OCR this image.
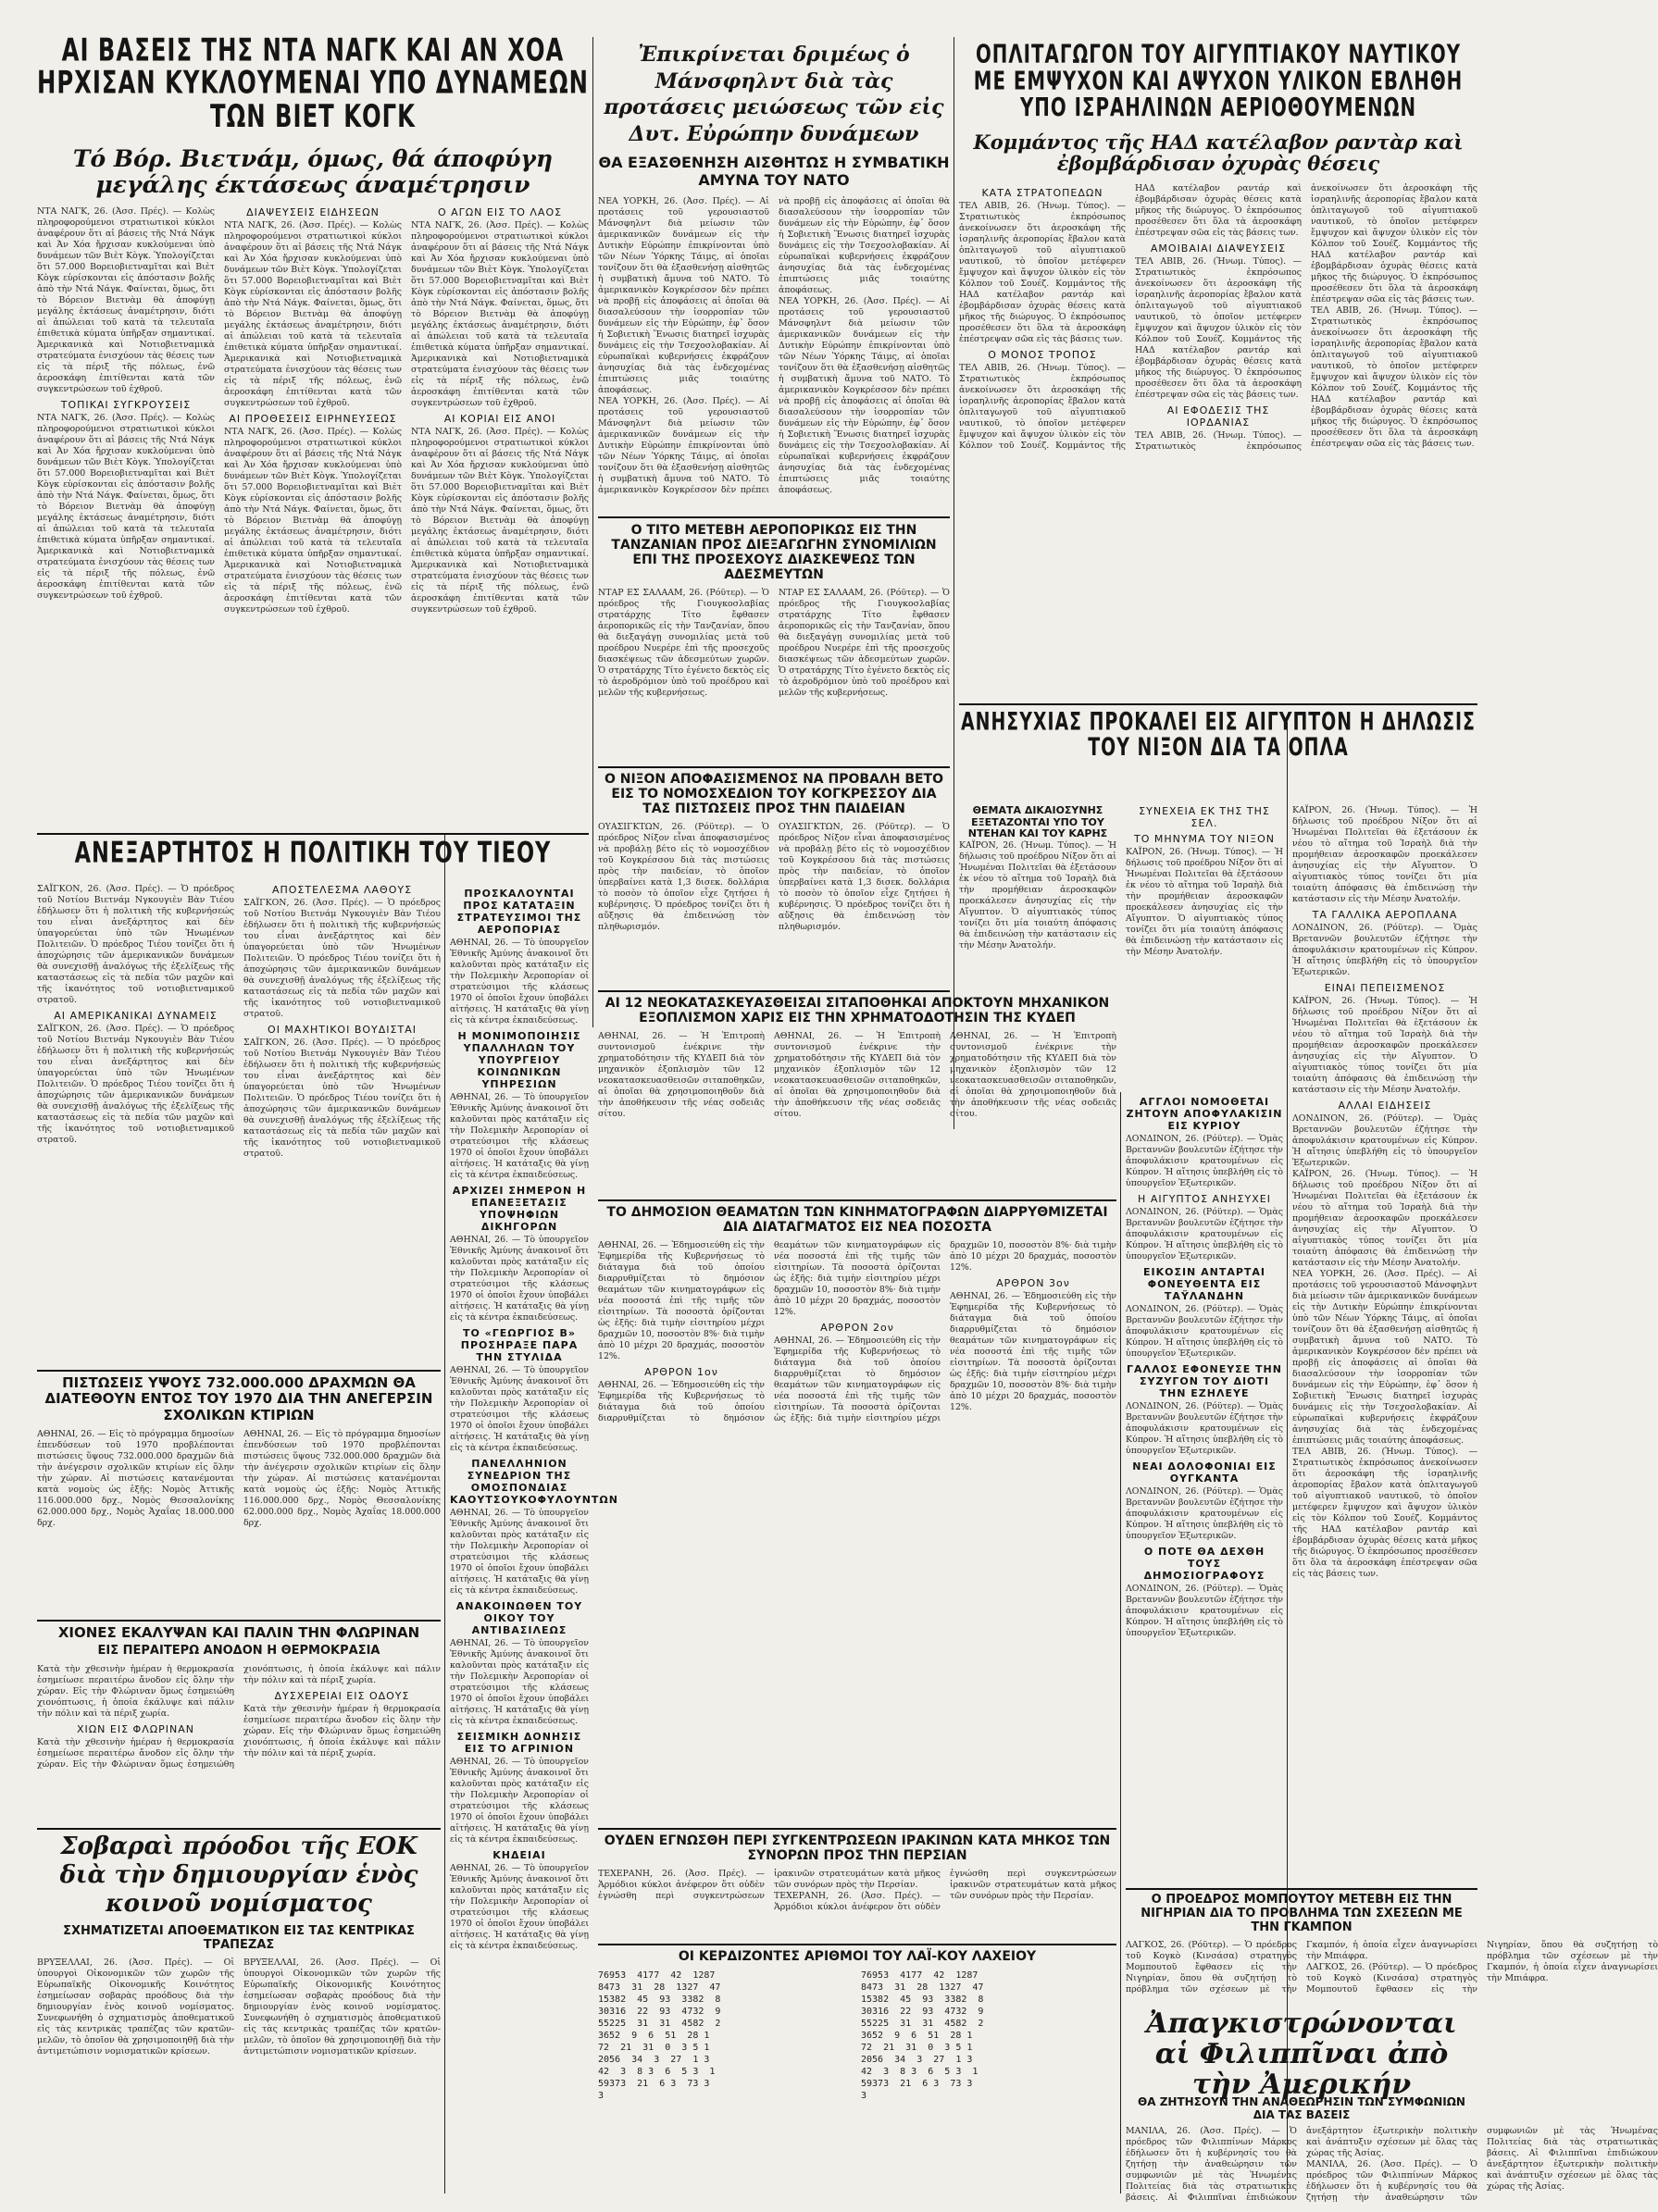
ΑΙ ΒΑΣΕΙΣ ΤΗΣ ΝΤΑ ΝΑΓΚ ΚΑΙ ΑΝ ΧΟΑ ΗΡΧΙΣΑΝ ΚΥΚΛΟΥΜΕΝΑΙ ΥΠΟ ΔΥΝΑΜΕΩΝ ΤΩΝ ΒΙΕΤ ΚΟΓΚ
Τό Βόρ. Βιετνάμ, όμως, θά άπoφύγη μεγάλης έκτάσεως άναμέτρησιν
ΝΤΑ ΝΑΓΚ, 26. (Ἀσσ. Πρές). — Κολὼς πληροφορούμενοι στρατιωτικοὶ κύκλοι ἀναφέρουν ὅτι αἱ βάσεις τῆς Ντά Νάγκ καὶ Ἀν Χόα ἤρχισαν κυκλούμεναι ὑπὸ δυνάμεων τῶν Βιὲτ Κὸγκ. Ὑπολογίζεται ὅτι 57.000 Βορειοβιετναμῖται καὶ Βιὲτ Κὸγκ εὑρίσκονται εἰς ἀπόστασιν βολῆς ἀπὸ τὴν Ντά Νάγκ. Φαίνεται, ὅμως, ὅτι τὸ Βόρειον Βιετνὰμ θὰ ἀποφύγῃ μεγάλης ἐκτάσεως ἀναμέτρησιν, διότι αἱ ἀπώλειαι τοῦ κατὰ τὰ τελευταῖα ἐπιθετικὰ κύματα ὑπῆρξαν σημαντικαί. Ἀμερικανικὰ καὶ Νοτιοβιετναμικὰ στρατεύματα ἐνισχύουν τὰς θέσεις των εἰς τὰ πέριξ τῆς πόλεως, ἐνῶ ἀεροσκάφη ἐπιτίθενται κατὰ τῶν συγκεντρώσεων τοῦ ἐχθροῦ.
ΤΟΠΙΚΑΙ ΣΥΓΚΡΟΥΣΕΙΣ
ΝΤΑ ΝΑΓΚ, 26. (Ἀσσ. Πρές). — Κολὼς πληροφορούμενοι στρατιωτικοὶ κύκλοι ἀναφέρουν ὅτι αἱ βάσεις τῆς Ντά Νάγκ καὶ Ἀν Χόα ἤρχισαν κυκλούμεναι ὑπὸ δυνάμεων τῶν Βιὲτ Κὸγκ. Ὑπολογίζεται ὅτι 57.000 Βορειοβιετναμῖται καὶ Βιὲτ Κὸγκ εὑρίσκονται εἰς ἀπόστασιν βολῆς ἀπὸ τὴν Ντά Νάγκ. Φαίνεται, ὅμως, ὅτι τὸ Βόρειον Βιετνὰμ θὰ ἀποφύγῃ μεγάλης ἐκτάσεως ἀναμέτρησιν, διότι αἱ ἀπώλειαι τοῦ κατὰ τὰ τελευταῖα ἐπιθετικὰ κύματα ὑπῆρξαν σημαντικαί. Ἀμερικανικὰ καὶ Νοτιοβιετναμικὰ στρατεύματα ἐνισχύουν τὰς θέσεις των εἰς τὰ πέριξ τῆς πόλεως, ἐνῶ ἀεροσκάφη ἐπιτίθενται κατὰ τῶν συγκεντρώσεων τοῦ ἐχθροῦ.
ΔΙΑΨΕΥΣΕΙΣ ΕΙΔΗΣΕΩΝ
ΝΤΑ ΝΑΓΚ, 26. (Ἀσσ. Πρές). — Κολὼς πληροφορούμενοι στρατιωτικοὶ κύκλοι ἀναφέρουν ὅτι αἱ βάσεις τῆς Ντά Νάγκ καὶ Ἀν Χόα ἤρχισαν κυκλούμεναι ὑπὸ δυνάμεων τῶν Βιὲτ Κὸγκ. Ὑπολογίζεται ὅτι 57.000 Βορειοβιετναμῖται καὶ Βιὲτ Κὸγκ εὑρίσκονται εἰς ἀπόστασιν βολῆς ἀπὸ τὴν Ντά Νάγκ. Φαίνεται, ὅμως, ὅτι τὸ Βόρειον Βιετνὰμ θὰ ἀποφύγῃ μεγάλης ἐκτάσεως ἀναμέτρησιν, διότι αἱ ἀπώλειαι τοῦ κατὰ τὰ τελευταῖα ἐπιθετικὰ κύματα ὑπῆρξαν σημαντικαί. Ἀμερικανικὰ καὶ Νοτιοβιετναμικὰ στρατεύματα ἐνισχύουν τὰς θέσεις των εἰς τὰ πέριξ τῆς πόλεως, ἐνῶ ἀεροσκάφη ἐπιτίθενται κατὰ τῶν συγκεντρώσεων τοῦ ἐχθροῦ.
ΑΙ ΠΡΟΘΕΣΕΙΣ ΕΙΡΗΝΕΥΣΕΩΣ
ΝΤΑ ΝΑΓΚ, 26. (Ἀσσ. Πρές). — Κολὼς πληροφορούμενοι στρατιωτικοὶ κύκλοι ἀναφέρουν ὅτι αἱ βάσεις τῆς Ντά Νάγκ καὶ Ἀν Χόα ἤρχισαν κυκλούμεναι ὑπὸ δυνάμεων τῶν Βιὲτ Κὸγκ. Ὑπολογίζεται ὅτι 57.000 Βορειοβιετναμῖται καὶ Βιὲτ Κὸγκ εὑρίσκονται εἰς ἀπόστασιν βολῆς ἀπὸ τὴν Ντά Νάγκ. Φαίνεται, ὅμως, ὅτι τὸ Βόρειον Βιετνὰμ θὰ ἀποφύγῃ μεγάλης ἐκτάσεως ἀναμέτρησιν, διότι αἱ ἀπώλειαι τοῦ κατὰ τὰ τελευταῖα ἐπιθετικὰ κύματα ὑπῆρξαν σημαντικαί. Ἀμερικανικὰ καὶ Νοτιοβιετναμικὰ στρατεύματα ἐνισχύουν τὰς θέσεις των εἰς τὰ πέριξ τῆς πόλεως, ἐνῶ ἀεροσκάφη ἐπιτίθενται κατὰ τῶν συγκεντρώσεων τοῦ ἐχθροῦ.
Ο ΑΓΩΝ ΕΙΣ ΤΟ ΛΑΟΣ
ΝΤΑ ΝΑΓΚ, 26. (Ἀσσ. Πρές). — Κολὼς πληροφορούμενοι στρατιωτικοὶ κύκλοι ἀναφέρουν ὅτι αἱ βάσεις τῆς Ντά Νάγκ καὶ Ἀν Χόα ἤρχισαν κυκλούμεναι ὑπὸ δυνάμεων τῶν Βιὲτ Κὸγκ. Ὑπολογίζεται ὅτι 57.000 Βορειοβιετναμῖται καὶ Βιὲτ Κὸγκ εὑρίσκονται εἰς ἀπόστασιν βολῆς ἀπὸ τὴν Ντά Νάγκ. Φαίνεται, ὅμως, ὅτι τὸ Βόρειον Βιετνὰμ θὰ ἀποφύγῃ μεγάλης ἐκτάσεως ἀναμέτρησιν, διότι αἱ ἀπώλειαι τοῦ κατὰ τὰ τελευταῖα ἐπιθετικὰ κύματα ὑπῆρξαν σημαντικαί. Ἀμερικανικὰ καὶ Νοτιοβιετναμικὰ στρατεύματα ἐνισχύουν τὰς θέσεις των εἰς τὰ πέριξ τῆς πόλεως, ἐνῶ ἀεροσκάφη ἐπιτίθενται κατὰ τῶν συγκεντρώσεων τοῦ ἐχθροῦ.
ΑΙ ΚΟΡΙΑΙ ΕΙΣ ΑΝΟΙ
ΝΤΑ ΝΑΓΚ, 26. (Ἀσσ. Πρές). — Κολὼς πληροφορούμενοι στρατιωτικοὶ κύκλοι ἀναφέρουν ὅτι αἱ βάσεις τῆς Ντά Νάγκ καὶ Ἀν Χόα ἤρχισαν κυκλούμεναι ὑπὸ δυνάμεων τῶν Βιὲτ Κὸγκ. Ὑπολογίζεται ὅτι 57.000 Βορειοβιετναμῖται καὶ Βιὲτ Κὸγκ εὑρίσκονται εἰς ἀπόστασιν βολῆς ἀπὸ τὴν Ντά Νάγκ. Φαίνεται, ὅμως, ὅτι τὸ Βόρειον Βιετνὰμ θὰ ἀποφύγῃ μεγάλης ἐκτάσεως ἀναμέτρησιν, διότι αἱ ἀπώλειαι τοῦ κατὰ τὰ τελευταῖα ἐπιθετικὰ κύματα ὑπῆρξαν σημαντικαί. Ἀμερικανικὰ καὶ Νοτιοβιετναμικὰ στρατεύματα ἐνισχύουν τὰς θέσεις των εἰς τὰ πέριξ τῆς πόλεως, ἐνῶ ἀεροσκάφη ἐπιτίθενται κατὰ τῶν συγκεντρώσεων τοῦ ἐχθροῦ.
Ἐπικρίνεται δριμέως ὁ Μάνσφηλντ διὰ τὰς προτάσεις μειώσεως τῶν εἰς Δυτ. Εὐρώπην δυνάμεων
ΘΑ ΕΞΑΣΘΕΝΗΣΗ ΑΙΣΘΗΤΩΣ Η ΣΥΜΒΑΤΙΚΗ ΑΜΥΝΑ ΤΟΥ ΝΑΤΟ
ΝΕΑ ΥΟΡΚΗ, 26. (Ἀσσ. Πρές). — Αἱ προτάσεις τοῦ γερουσιαστοῦ Μάνσφηλντ διὰ μείωσιν τῶν ἀμερικανικῶν δυνάμεων εἰς τὴν Δυτικὴν Εὐρώπην ἐπικρίνονται ὑπὸ τῶν Νέων Ὑόρκης Τάιμς, αἱ ὁποῖαι τονίζουν ὅτι θὰ ἐξασθενήσῃ αἰσθητῶς ἡ συμβατικὴ ἄμυνα τοῦ ΝΑΤΟ. Τὸ ἀμερικανικὸν Κογκρέσσον δὲν πρέπει νὰ προβῇ εἰς ἀποφάσεις αἱ ὁποῖαι θὰ διασαλεύσουν τὴν ἰσορροπίαν τῶν δυνάμεων εἰς τὴν Εὐρώπην, ἐφ᾽ ὅσον ἡ Σοβιετικὴ Ἕνωσις διατηρεῖ ἰσχυρὰς δυνάμεις εἰς τὴν Τσεχοσλοβακίαν. Αἱ εὐρωπαϊκαὶ κυβερνήσεις ἐκφράζουν ἀνησυχίας διὰ τὰς ἐνδεχομένας ἐπιπτώσεις μιᾶς τοιαύτης ἀποφάσεως.
ΝΕΑ ΥΟΡΚΗ, 26. (Ἀσσ. Πρές). — Αἱ προτάσεις τοῦ γερουσιαστοῦ Μάνσφηλντ διὰ μείωσιν τῶν ἀμερικανικῶν δυνάμεων εἰς τὴν Δυτικὴν Εὐρώπην ἐπικρίνονται ὑπὸ τῶν Νέων Ὑόρκης Τάιμς, αἱ ὁποῖαι τονίζουν ὅτι θὰ ἐξασθενήσῃ αἰσθητῶς ἡ συμβατικὴ ἄμυνα τοῦ ΝΑΤΟ. Τὸ ἀμερικανικὸν Κογκρέσσον δὲν πρέπει νὰ προβῇ εἰς ἀποφάσεις αἱ ὁποῖαι θὰ διασαλεύσουν τὴν ἰσορροπίαν τῶν δυνάμεων εἰς τὴν Εὐρώπην, ἐφ᾽ ὅσον ἡ Σοβιετικὴ Ἕνωσις διατηρεῖ ἰσχυρὰς δυνάμεις εἰς τὴν Τσεχοσλοβακίαν. Αἱ εὐρωπαϊκαὶ κυβερνήσεις ἐκφράζουν ἀνησυχίας διὰ τὰς ἐνδεχομένας ἐπιπτώσεις μιᾶς τοιαύτης ἀποφάσεως.
ΝΕΑ ΥΟΡΚΗ, 26. (Ἀσσ. Πρές). — Αἱ προτάσεις τοῦ γερουσιαστοῦ Μάνσφηλντ διὰ μείωσιν τῶν ἀμερικανικῶν δυνάμεων εἰς τὴν Δυτικὴν Εὐρώπην ἐπικρίνονται ὑπὸ τῶν Νέων Ὑόρκης Τάιμς, αἱ ὁποῖαι τονίζουν ὅτι θὰ ἐξασθενήσῃ αἰσθητῶς ἡ συμβατικὴ ἄμυνα τοῦ ΝΑΤΟ. Τὸ ἀμερικανικὸν Κογκρέσσον δὲν πρέπει νὰ προβῇ εἰς ἀποφάσεις αἱ ὁποῖαι θὰ διασαλεύσουν τὴν ἰσορροπίαν τῶν δυνάμεων εἰς τὴν Εὐρώπην, ἐφ᾽ ὅσον ἡ Σοβιετικὴ Ἕνωσις διατηρεῖ ἰσχυρὰς δυνάμεις εἰς τὴν Τσεχοσλοβακίαν. Αἱ εὐρωπαϊκαὶ κυβερνήσεις ἐκφράζουν ἀνησυχίας διὰ τὰς ἐνδεχομένας ἐπιπτώσεις μιᾶς τοιαύτης ἀποφάσεως.
ΟΠΛΙΤΑΓΩΓΟΝ ΤΟΥ ΑΙΓΥΠΤΙΑΚΟΥ ΝΑΥΤΙΚΟΥ ΜΕ ΕΜΨΥΧΟΝ ΚΑΙ ΑΨΥΧΟΝ ΥΛΙΚΟΝ ΕΒΛΗΘΗ ΥΠΟ ΙΣΡΑΗΛΙΝΩΝ ΑΕΡΙΟΘΟΥΜΕΝΩΝ
Κομμάντος τῆς ΗΑΔ κατέλαβον ραντὰρ καὶ ἐβομβάρδισαν ὀχυρὰς θέσεις
ΚΑΤΑ ΣΤΡΑΤΟΠΕΔΩΝ
ΤΕΛ ΑΒΙΒ, 26. (Ἡνωμ. Τύπος). — Στρατιωτικὸς ἐκπρόσωπος ἀνεκοίνωσεν ὅτι ἀεροσκάφη τῆς ἰσραηλινῆς ἀεροπορίας ἔβαλον κατὰ ὁπλιταγωγοῦ τοῦ αἰγυπτιακοῦ ναυτικοῦ, τὸ ὁποῖον μετέφερεν ἔμψυχον καὶ ἄψυχον ὑλικὸν εἰς τὸν Κόλπον τοῦ Σουέζ. Κομμάντος τῆς ΗΑΔ κατέλαβον ραντάρ καὶ ἐβομβάρδισαν ὀχυρὰς θέσεις κατὰ μῆκος τῆς διώρυγος. Ὁ ἐκπρόσωπος προσέθεσεν ὅτι ὅλα τὰ ἀεροσκάφη ἐπέστρεψαν σῶα εἰς τὰς βάσεις των.
Ο ΜΟΝΟΣ ΤΡΟΠΟΣ
ΤΕΛ ΑΒΙΒ, 26. (Ἡνωμ. Τύπος). — Στρατιωτικὸς ἐκπρόσωπος ἀνεκοίνωσεν ὅτι ἀεροσκάφη τῆς ἰσραηλινῆς ἀεροπορίας ἔβαλον κατὰ ὁπλιταγωγοῦ τοῦ αἰγυπτιακοῦ ναυτικοῦ, τὸ ὁποῖον μετέφερεν ἔμψυχον καὶ ἄψυχον ὑλικὸν εἰς τὸν Κόλπον τοῦ Σουέζ. Κομμάντος τῆς ΗΑΔ κατέλαβον ραντάρ καὶ ἐβομβάρδισαν ὀχυρὰς θέσεις κατὰ μῆκος τῆς διώρυγος. Ὁ ἐκπρόσωπος προσέθεσεν ὅτι ὅλα τὰ ἀεροσκάφη ἐπέστρεψαν σῶα εἰς τὰς βάσεις των.
ΑΜΟΙΒΑΙΑΙ ΔΙΑΨΕΥΣΕΙΣ
ΤΕΛ ΑΒΙΒ, 26. (Ἡνωμ. Τύπος). — Στρατιωτικὸς ἐκπρόσωπος ἀνεκοίνωσεν ὅτι ἀεροσκάφη τῆς ἰσραηλινῆς ἀεροπορίας ἔβαλον κατὰ ὁπλιταγωγοῦ τοῦ αἰγυπτιακοῦ ναυτικοῦ, τὸ ὁποῖον μετέφερεν ἔμψυχον καὶ ἄψυχον ὑλικὸν εἰς τὸν Κόλπον τοῦ Σουέζ. Κομμάντος τῆς ΗΑΔ κατέλαβον ραντάρ καὶ ἐβομβάρδισαν ὀχυρὰς θέσεις κατὰ μῆκος τῆς διώρυγος. Ὁ ἐκπρόσωπος προσέθεσεν ὅτι ὅλα τὰ ἀεροσκάφη ἐπέστρεψαν σῶα εἰς τὰς βάσεις των.
ΑΙ ΕΦΟΔΕΣΙΣ ΤΗΣ ΙΟΡΔΑΝΙΑΣ
ΤΕΛ ΑΒΙΒ, 26. (Ἡνωμ. Τύπος). — Στρατιωτικὸς ἐκπρόσωπος ἀνεκοίνωσεν ὅτι ἀεροσκάφη τῆς ἰσραηλινῆς ἀεροπορίας ἔβαλον κατὰ ὁπλιταγωγοῦ τοῦ αἰγυπτιακοῦ ναυτικοῦ, τὸ ὁποῖον μετέφερεν ἔμψυχον καὶ ἄψυχον ὑλικὸν εἰς τὸν Κόλπον τοῦ Σουέζ. Κομμάντος τῆς ΗΑΔ κατέλαβον ραντάρ καὶ ἐβομβάρδισαν ὀχυρὰς θέσεις κατὰ μῆκος τῆς διώρυγος. Ὁ ἐκπρόσωπος προσέθεσεν ὅτι ὅλα τὰ ἀεροσκάφη ἐπέστρεψαν σῶα εἰς τὰς βάσεις των.
ΤΕΛ ΑΒΙΒ, 26. (Ἡνωμ. Τύπος). — Στρατιωτικὸς ἐκπρόσωπος ἀνεκοίνωσεν ὅτι ἀεροσκάφη τῆς ἰσραηλινῆς ἀεροπορίας ἔβαλον κατὰ ὁπλιταγωγοῦ τοῦ αἰγυπτιακοῦ ναυτικοῦ, τὸ ὁποῖον μετέφερεν ἔμψυχον καὶ ἄψυχον ὑλικὸν εἰς τὸν Κόλπον τοῦ Σουέζ. Κομμάντος τῆς ΗΑΔ κατέλαβον ραντάρ καὶ ἐβομβάρδισαν ὀχυρὰς θέσεις κατὰ μῆκος τῆς διώρυγος. Ὁ ἐκπρόσωπος προσέθεσεν ὅτι ὅλα τὰ ἀεροσκάφη ἐπέστρεψαν σῶα εἰς τὰς βάσεις των.
Ο ΤΙΤΟ ΜΕΤΕΒΗ ΑΕΡΟΠΟΡΙΚΩΣ ΕΙΣ ΤΗΝ ΤΑΝΖΑΝΙΑΝ ΠΡΟΣ ΔΙΕΞΑΓΩΓΗΝ ΣΥΝΟΜΙΛΙΩΝ ΕΠΙ ΤΗΣ ΠΡΟΣΕΧΟΥΣ ΔΙΑΣΚΕΨΕΩΣ ΤΩΝ ΑΔΕΣΜΕΥΤΩΝ
ΝΤΑΡ ΕΣ ΣΑΛΑΑΜ, 26. (Ρόϋτερ). — Ὁ πρόεδρος τῆς Γιουγκοσλαβίας στρατάρχης Τίτο ἔφθασεν ἀεροπορικῶς εἰς τὴν Τανζανίαν, ὅπου θὰ διεξαγάγῃ συνομιλίας μετὰ τοῦ προέδρου Νυερέρε ἐπὶ τῆς προσεχοῦς διασκέψεως τῶν ἀδεσμεύτων χωρῶν. Ὁ στρατάρχης Τίτο ἐγένετο δεκτὸς εἰς τὸ ἀεροδρόμιον ὑπὸ τοῦ προέδρου καὶ μελῶν τῆς κυβερνήσεως.
ΝΤΑΡ ΕΣ ΣΑΛΑΑΜ, 26. (Ρόϋτερ). — Ὁ πρόεδρος τῆς Γιουγκοσλαβίας στρατάρχης Τίτο ἔφθασεν ἀεροπορικῶς εἰς τὴν Τανζανίαν, ὅπου θὰ διεξαγάγῃ συνομιλίας μετὰ τοῦ προέδρου Νυερέρε ἐπὶ τῆς προσεχοῦς διασκέψεως τῶν ἀδεσμεύτων χωρῶν. Ὁ στρατάρχης Τίτο ἐγένετο δεκτὸς εἰς τὸ ἀεροδρόμιον ὑπὸ τοῦ προέδρου καὶ μελῶν τῆς κυβερνήσεως.
Ο ΝΙΞΟΝ ΑΠΟΦΑΣΙΣΜΕΝΟΣ ΝΑ ΠΡΟΒΑΛΗ ΒΕΤΟ ΕΙΣ ΤΟ ΝΟΜΟΣΧΕΔΙΟΝ ΤΟΥ ΚΟΓΚΡΕΣΣΟΥ ΔΙΑ ΤΑΣ ΠΙΣΤΩΣΕΙΣ ΠΡΟΣ ΤΗΝ ΠΑΙΔΕΙΑΝ
ΟΥΑΣΙΓΚΤΩΝ, 26. (Ρόϋτερ). — Ὁ πρόεδρος Νίξον εἶναι ἀποφασισμένος νὰ προβάλῃ βέτο εἰς τὸ νομοσχέδιον τοῦ Κογκρέσσου διὰ τὰς πιστώσεις πρὸς τὴν παιδείαν, τὸ ὁποῖον ὑπερβαίνει κατὰ 1,3 δισεκ. δολλάρια τὸ ποσὸν τὸ ὁποῖον εἶχε ζητήσει ἡ κυβέρνησις. Ὁ πρόεδρος τονίζει ὅτι ἡ αὔξησις θὰ ἐπιδεινώσῃ τὸν πληθωρισμόν.
ΟΥΑΣΙΓΚΤΩΝ, 26. (Ρόϋτερ). — Ὁ πρόεδρος Νίξον εἶναι ἀποφασισμένος νὰ προβάλῃ βέτο εἰς τὸ νομοσχέδιον τοῦ Κογκρέσσου διὰ τὰς πιστώσεις πρὸς τὴν παιδείαν, τὸ ὁποῖον ὑπερβαίνει κατὰ 1,3 δισεκ. δολλάρια τὸ ποσὸν τὸ ὁποῖον εἶχε ζητήσει ἡ κυβέρνησις. Ὁ πρόεδρος τονίζει ὅτι ἡ αὔξησις θὰ ἐπιδεινώσῃ τὸν πληθωρισμόν.
ΑΝΗΣΥΧΙΑΣ ΠΡΟΚΑΛΕΙ ΕΙΣ ΑΙΓΥΠΤΟΝ Η ΔΗΛΩΣΙΣ ΤΟΥ ΝΙΞΟΝ ΔΙΑ ΤΑ ΟΠΛΑ
ΘΕΜΑΤΑ ΔΙΚΑΙΟΣΥΝΗΣ ΕΞΕΤΑΖΟΝΤΑΙ ΥΠΟ ΤΟΥ ΝΤΕΗΑΝ ΚΑΙ ΤΟΥ ΚΑΡΗΣ
ΚΑΪΡΟΝ, 26. (Ἡνωμ. Τύπος). — Ἡ δήλωσις τοῦ προέδρου Νίξον ὅτι αἱ Ἡνωμέναι Πολιτεῖαι θὰ ἐξετάσουν ἐκ νέου τὸ αἴτημα τοῦ Ἰσραὴλ διὰ τὴν προμήθειαν ἀεροσκαφῶν προεκάλεσεν ἀνησυχίας εἰς τὴν Αἴγυπτον. Ὁ αἰγυπτιακὸς τύπος τονίζει ὅτι μία τοιαύτη ἀπόφασις θὰ ἐπιδεινώσῃ τὴν κατάστασιν εἰς τὴν Μέσην Ἀνατολήν.
ΣΥΝΕΧΕΙΑ ΕΚ ΤΗΣ ΤΗΣ ΣΕΛ.
ΤΟ ΜΗΝΥΜΑ ΤΟΥ ΝΙΞΟΝ
ΚΑΪΡΟΝ, 26. (Ἡνωμ. Τύπος). — Ἡ δήλωσις τοῦ προέδρου Νίξον ὅτι αἱ Ἡνωμέναι Πολιτεῖαι θὰ ἐξετάσουν ἐκ νέου τὸ αἴτημα τοῦ Ἰσραὴλ διὰ τὴν προμήθειαν ἀεροσκαφῶν προεκάλεσεν ἀνησυχίας εἰς τὴν Αἴγυπτον. Ὁ αἰγυπτιακὸς τύπος τονίζει ὅτι μία τοιαύτη ἀπόφασις θὰ ἐπιδεινώσῃ τὴν κατάστασιν εἰς τὴν Μέσην Ἀνατολήν.
ΚΑΪΡΟΝ, 26. (Ἡνωμ. Τύπος). — Ἡ δήλωσις τοῦ προέδρου Νίξον ὅτι αἱ Ἡνωμέναι Πολιτεῖαι θὰ ἐξετάσουν ἐκ νέου τὸ αἴτημα τοῦ Ἰσραὴλ διὰ τὴν προμήθειαν ἀεροσκαφῶν προεκάλεσεν ἀνησυχίας εἰς τὴν Αἴγυπτον. Ὁ αἰγυπτιακὸς τύπος τονίζει ὅτι μία τοιαύτη ἀπόφασις θὰ ἐπιδεινώσῃ τὴν κατάστασιν εἰς τὴν Μέσην Ἀνατολήν.
ΤΑ ΓΑΛΛΙΚΑ ΑΕΡΟΠΛΑΝΑ
ΛΟΝΔΙΝΟΝ, 26. (Ρόϋτερ). — Ὁμὰς Βρεταννῶν βουλευτῶν ἐζήτησε τὴν ἀποφυλάκισιν κρατουμένων εἰς Κύπρον. Ἡ αἴτησις ὑπεβλήθη εἰς τὸ ὑπουργεῖον Ἐξωτερικῶν.
ΕΙΝΑΙ ΠΕΠΕΙΣΜΕΝΟΣ
ΚΑΪΡΟΝ, 26. (Ἡνωμ. Τύπος). — Ἡ δήλωσις τοῦ προέδρου Νίξον ὅτι αἱ Ἡνωμέναι Πολιτεῖαι θὰ ἐξετάσουν ἐκ νέου τὸ αἴτημα τοῦ Ἰσραὴλ διὰ τὴν προμήθειαν ἀεροσκαφῶν προεκάλεσεν ἀνησυχίας εἰς τὴν Αἴγυπτον. Ὁ αἰγυπτιακὸς τύπος τονίζει ὅτι μία τοιαύτη ἀπόφασις θὰ ἐπιδεινώσῃ τὴν κατάστασιν εἰς τὴν Μέσην Ἀνατολήν.
ΑΛΛΑΙ ΕΙΔΗΣΕΙΣ
ΛΟΝΔΙΝΟΝ, 26. (Ρόϋτερ). — Ὁμὰς Βρεταννῶν βουλευτῶν ἐζήτησε τὴν ἀποφυλάκισιν κρατουμένων εἰς Κύπρον. Ἡ αἴτησις ὑπεβλήθη εἰς τὸ ὑπουργεῖον Ἐξωτερικῶν.
ΚΑΪΡΟΝ, 26. (Ἡνωμ. Τύπος). — Ἡ δήλωσις τοῦ προέδρου Νίξον ὅτι αἱ Ἡνωμέναι Πολιτεῖαι θὰ ἐξετάσουν ἐκ νέου τὸ αἴτημα τοῦ Ἰσραὴλ διὰ τὴν προμήθειαν ἀεροσκαφῶν προεκάλεσεν ἀνησυχίας εἰς τὴν Αἴγυπτον. Ὁ αἰγυπτιακὸς τύπος τονίζει ὅτι μία τοιαύτη ἀπόφασις θὰ ἐπιδεινώσῃ τὴν κατάστασιν εἰς τὴν Μέσην Ἀνατολήν.
ΝΕΑ ΥΟΡΚΗ, 26. (Ἀσσ. Πρές). — Αἱ προτάσεις τοῦ γερουσιαστοῦ Μάνσφηλντ διὰ μείωσιν τῶν ἀμερικανικῶν δυνάμεων εἰς τὴν Δυτικὴν Εὐρώπην ἐπικρίνονται ὑπὸ τῶν Νέων Ὑόρκης Τάιμς, αἱ ὁποῖαι τονίζουν ὅτι θὰ ἐξασθενήσῃ αἰσθητῶς ἡ συμβατικὴ ἄμυνα τοῦ ΝΑΤΟ. Τὸ ἀμερικανικὸν Κογκρέσσον δὲν πρέπει νὰ προβῇ εἰς ἀποφάσεις αἱ ὁποῖαι θὰ διασαλεύσουν τὴν ἰσορροπίαν τῶν δυνάμεων εἰς τὴν Εὐρώπην, ἐφ᾽ ὅσον ἡ Σοβιετικὴ Ἕνωσις διατηρεῖ ἰσχυρὰς δυνάμεις εἰς τὴν Τσεχοσλοβακίαν. Αἱ εὐρωπαϊκαὶ κυβερνήσεις ἐκφράζουν ἀνησυχίας διὰ τὰς ἐνδεχομένας ἐπιπτώσεις μιᾶς τοιαύτης ἀποφάσεως.
ΤΕΛ ΑΒΙΒ, 26. (Ἡνωμ. Τύπος). — Στρατιωτικὸς ἐκπρόσωπος ἀνεκοίνωσεν ὅτι ἀεροσκάφη τῆς ἰσραηλινῆς ἀεροπορίας ἔβαλον κατὰ ὁπλιταγωγοῦ τοῦ αἰγυπτιακοῦ ναυτικοῦ, τὸ ὁποῖον μετέφερεν ἔμψυχον καὶ ἄψυχον ὑλικὸν εἰς τὸν Κόλπον τοῦ Σουέζ. Κομμάντος τῆς ΗΑΔ κατέλαβον ραντάρ καὶ ἐβομβάρδισαν ὀχυρὰς θέσεις κατὰ μῆκος τῆς διώρυγος. Ὁ ἐκπρόσωπος προσέθεσεν ὅτι ὅλα τὰ ἀεροσκάφη ἐπέστρεψαν σῶα εἰς τὰς βάσεις των.
ΑΓΓΛΟΙ ΝΟΜΟΘΕΤΑΙ ΖΗΤΟΥΝ ΑΠΟΦΥΛΑΚΙΣΙΝ ΕΙΣ ΚΥΡΙΟΥ
ΛΟΝΔΙΝΟΝ, 26. (Ρόϋτερ). — Ὁμὰς Βρεταννῶν βουλευτῶν ἐζήτησε τὴν ἀποφυλάκισιν κρατουμένων εἰς Κύπρον. Ἡ αἴτησις ὑπεβλήθη εἰς τὸ ὑπουργεῖον Ἐξωτερικῶν.
Η ΑΙΓΥΠΤΟΣ ΑΝΗΣΥΧΕΙ
ΛΟΝΔΙΝΟΝ, 26. (Ρόϋτερ). — Ὁμὰς Βρεταννῶν βουλευτῶν ἐζήτησε τὴν ἀποφυλάκισιν κρατουμένων εἰς Κύπρον. Ἡ αἴτησις ὑπεβλήθη εἰς τὸ ὑπουργεῖον Ἐξωτερικῶν.
ΕΙΚΟΣΙΝ ΑΝΤΑΡΤΑΙ ΦΟΝΕΥΘΕΝΤΑ ΕΙΣ ΤΑΫΛΑΝΔΗΝ
ΛΟΝΔΙΝΟΝ, 26. (Ρόϋτερ). — Ὁμὰς Βρεταννῶν βουλευτῶν ἐζήτησε τὴν ἀποφυλάκισιν κρατουμένων εἰς Κύπρον. Ἡ αἴτησις ὑπεβλήθη εἰς τὸ ὑπουργεῖον Ἐξωτερικῶν.
ΓΑΛΛΟΣ ΕΦΟΝΕΥΣΕ ΤΗΝ ΣΥΖΥΓΟΝ ΤΟΥ ΔΙΟΤΙ ΤΗΝ ΕΖΗΛΕΥΕ
ΛΟΝΔΙΝΟΝ, 26. (Ρόϋτερ). — Ὁμὰς Βρεταννῶν βουλευτῶν ἐζήτησε τὴν ἀποφυλάκισιν κρατουμένων εἰς Κύπρον. Ἡ αἴτησις ὑπεβλήθη εἰς τὸ ὑπουργεῖον Ἐξωτερικῶν.
ΝΕΑΙ ΔΟΛΟΦΟΝΙΑΙ ΕΙΣ ΟΥΓΚΑΝΤΑ
ΛΟΝΔΙΝΟΝ, 26. (Ρόϋτερ). — Ὁμὰς Βρεταννῶν βουλευτῶν ἐζήτησε τὴν ἀποφυλάκισιν κρατουμένων εἰς Κύπρον. Ἡ αἴτησις ὑπεβλήθη εἰς τὸ ὑπουργεῖον Ἐξωτερικῶν.
Ο ΠΟΤΕ ΘΑ ΔΕΧΘΗ ΤΟΥΣ ΔΗΜΟΣΙΟΓΡΑΦΟΥΣ
ΛΟΝΔΙΝΟΝ, 26. (Ρόϋτερ). — Ὁμὰς Βρεταννῶν βουλευτῶν ἐζήτησε τὴν ἀποφυλάκισιν κρατουμένων εἰς Κύπρον. Ἡ αἴτησις ὑπεβλήθη εἰς τὸ ὑπουργεῖον Ἐξωτερικῶν.
Ο ΠΡΟΕΔΡΟΣ ΜΟΜΠΟΥΤΟΥ ΜΕΤΕΒΗ ΕΙΣ ΤΗΝ ΝΙΓΗΡΙΑΝ ΔΙΑ ΤΟ ΠΡΟΒΛΗΜΑ ΤΩΝ ΣΧΕΣΕΩΝ ΜΕ ΤΗΝ ΓΚΑΜΠΟΝ
ΛΑΓΚΟΣ, 26. (Ρόϋτερ). — Ὁ πρόεδρος τοῦ Κογκὸ (Κινσάσα) στρατηγὸς Μομπουτοῦ ἔφθασεν εἰς τὴν Νιγηρίαν, ὅπου θὰ συζητήσῃ τὸ πρόβλημα τῶν σχέσεων μὲ τὴν Γκαμπόν, ἡ ὁποία εἶχεν ἀναγνωρίσει τὴν Μπιάφρα.
ΛΑΓΚΟΣ, 26. (Ρόϋτερ). — Ὁ πρόεδρος τοῦ Κογκὸ (Κινσάσα) στρατηγὸς Μομπουτοῦ ἔφθασεν εἰς τὴν Νιγηρίαν, ὅπου θὰ συζητήσῃ τὸ πρόβλημα τῶν σχέσεων μὲ τὴν Γκαμπόν, ἡ ὁποία εἶχεν ἀναγνωρίσει τὴν Μπιάφρα.
Ἀπαγκιστρώνονται αἱ Φιλιππῖναι ἀπὸ τὴν Ἀμερικήν
ΘΑ ΖΗΤΗΣΟΥΝ ΤΗΝ ΑΝΑΘΕΩΡΗΣΙΝ ΤΩΝ ΣΥΜΦΩΝΙΩΝ ΔΙΑ ΤΑΣ ΒΑΣΕΙΣ
ΜΑΝΙΛΑ, 26. (Ἀσσ. Πρές). — Ὁ πρόεδρος τῶν Φιλιππίνων Μάρκος ἐδήλωσεν ὅτι ἡ κυβέρνησίς του θὰ ζητήσῃ τὴν ἀναθεώρησιν τῶν συμφωνιῶν μὲ τὰς Ἡνωμένας Πολιτείας διὰ τὰς στρατιωτικὰς βάσεις. Αἱ Φιλιππῖναι ἐπιδιώκουν ἀνεξάρτητον ἐξωτερικὴν πολιτικὴν καὶ ἀνάπτυξιν σχέσεων μὲ ὅλας τὰς χώρας τῆς Ἀσίας.
ΜΑΝΙΛΑ, 26. (Ἀσσ. Πρές). — Ὁ πρόεδρος τῶν Φιλιππίνων Μάρκος ἐδήλωσεν ὅτι ἡ κυβέρνησίς του θὰ ζητήσῃ τὴν ἀναθεώρησιν τῶν συμφωνιῶν μὲ τὰς Ἡνωμένας Πολιτείας διὰ τὰς στρατιωτικὰς βάσεις. Αἱ Φιλιππῖναι ἐπιδιώκουν ἀνεξάρτητον ἐξωτερικὴν πολιτικὴν καὶ ἀνάπτυξιν σχέσεων μὲ ὅλας τὰς χώρας τῆς Ἀσίας.
ΑΝΕΞΑΡΤΗΤΟΣ Η ΠΟΛΙΤΙΚΗ ΤΟΥ ΤΙΕΟΥ
ΣΑΪΓΚΟΝ, 26. (Ἀσσ. Πρές). — Ὁ πρόεδρος τοῦ Νοτίου Βιετνάμ Νγκουγιὲν Βὰν Τιέου ἐδήλωσεν ὅτι ἡ πολιτικὴ τῆς κυβερνήσεώς του εἶναι ἀνεξάρτητος καὶ δὲν ὑπαγορεύεται ὑπὸ τῶν Ἡνωμένων Πολιτειῶν. Ὁ πρόεδρος Τιέου τονίζει ὅτι ἡ ἀποχώρησις τῶν ἀμερικανικῶν δυνάμεων θὰ συνεχισθῇ ἀναλόγως τῆς ἐξελίξεως τῆς καταστάσεως εἰς τὰ πεδία τῶν μαχῶν καὶ τῆς ἱκανότητος τοῦ νοτιοβιετναμικοῦ στρατοῦ.
ΑΙ ΑΜΕΡΙΚΑΝΙΚΑΙ ΔΥΝΑΜΕΙΣ
ΣΑΪΓΚΟΝ, 26. (Ἀσσ. Πρές). — Ὁ πρόεδρος τοῦ Νοτίου Βιετνάμ Νγκουγιὲν Βὰν Τιέου ἐδήλωσεν ὅτι ἡ πολιτικὴ τῆς κυβερνήσεώς του εἶναι ἀνεξάρτητος καὶ δὲν ὑπαγορεύεται ὑπὸ τῶν Ἡνωμένων Πολιτειῶν. Ὁ πρόεδρος Τιέου τονίζει ὅτι ἡ ἀποχώρησις τῶν ἀμερικανικῶν δυνάμεων θὰ συνεχισθῇ ἀναλόγως τῆς ἐξελίξεως τῆς καταστάσεως εἰς τὰ πεδία τῶν μαχῶν καὶ τῆς ἱκανότητος τοῦ νοτιοβιετναμικοῦ στρατοῦ.
ΑΠΟΣΤΕΛΕΣΜΑ ΛΑΘΟΥΣ
ΣΑΪΓΚΟΝ, 26. (Ἀσσ. Πρές). — Ὁ πρόεδρος τοῦ Νοτίου Βιετνάμ Νγκουγιὲν Βὰν Τιέου ἐδήλωσεν ὅτι ἡ πολιτικὴ τῆς κυβερνήσεώς του εἶναι ἀνεξάρτητος καὶ δὲν ὑπαγορεύεται ὑπὸ τῶν Ἡνωμένων Πολιτειῶν. Ὁ πρόεδρος Τιέου τονίζει ὅτι ἡ ἀποχώρησις τῶν ἀμερικανικῶν δυνάμεων θὰ συνεχισθῇ ἀναλόγως τῆς ἐξελίξεως τῆς καταστάσεως εἰς τὰ πεδία τῶν μαχῶν καὶ τῆς ἱκανότητος τοῦ νοτιοβιετναμικοῦ στρατοῦ.
ΟΙ ΜΑΧΗΤΙΚΟΙ ΒΟΥΔΙΣΤΑΙ
ΣΑΪΓΚΟΝ, 26. (Ἀσσ. Πρές). — Ὁ πρόεδρος τοῦ Νοτίου Βιετνάμ Νγκουγιὲν Βὰν Τιέου ἐδήλωσεν ὅτι ἡ πολιτικὴ τῆς κυβερνήσεώς του εἶναι ἀνεξάρτητος καὶ δὲν ὑπαγορεύεται ὑπὸ τῶν Ἡνωμένων Πολιτειῶν. Ὁ πρόεδρος Τιέου τονίζει ὅτι ἡ ἀποχώρησις τῶν ἀμερικανικῶν δυνάμεων θὰ συνεχισθῇ ἀναλόγως τῆς ἐξελίξεως τῆς καταστάσεως εἰς τὰ πεδία τῶν μαχῶν καὶ τῆς ἱκανότητος τοῦ νοτιοβιετναμικοῦ στρατοῦ.
ΠΡΟΣΚΑΛΟΥΝΤΑΙ ΠΡΟΣ ΚΑΤΑΤΑΞΙΝ ΣΤΡΑΤΕΥΣΙΜΟΙ ΤΗΣ ΑΕΡΟΠΟΡΙΑΣ
ΑΘΗΝΑΙ, 26. — Τὸ ὑπουργεῖον Ἐθνικῆς Ἀμύνης ἀνακοινοῖ ὅτι καλοῦνται πρὸς κατάταξιν εἰς τὴν Πολεμικὴν Ἀεροπορίαν οἱ στρατεύσιμοι τῆς κλάσεως 1970 οἱ ὁποῖοι ἔχουν ὑποβάλει αἰτήσεις. Ἡ κατάταξις θὰ γίνῃ εἰς τὰ κέντρα ἐκπαιδεύσεως.
Η ΜΟΝΙΜΟΠΟΙΗΣΙΣ ΥΠΑΛΛΗΛΩΝ ΤΟΥ ΥΠΟΥΡΓΕΙΟΥ ΚΟΙΝΩΝΙΚΩΝ ΥΠΗΡΕΣΙΩΝ
ΑΘΗΝΑΙ, 26. — Τὸ ὑπουργεῖον Ἐθνικῆς Ἀμύνης ἀνακοινοῖ ὅτι καλοῦνται πρὸς κατάταξιν εἰς τὴν Πολεμικὴν Ἀεροπορίαν οἱ στρατεύσιμοι τῆς κλάσεως 1970 οἱ ὁποῖοι ἔχουν ὑποβάλει αἰτήσεις. Ἡ κατάταξις θὰ γίνῃ εἰς τὰ κέντρα ἐκπαιδεύσεως.
ΑΡΧΙΖΕΙ ΣΗΜΕΡΟΝ Η ΕΠΑΝΕΞΕΤΑΣΙΣ ΥΠΟΨΗΦΙΩΝ ΔΙΚΗΓΟΡΩΝ
ΑΘΗΝΑΙ, 26. — Τὸ ὑπουργεῖον Ἐθνικῆς Ἀμύνης ἀνακοινοῖ ὅτι καλοῦνται πρὸς κατάταξιν εἰς τὴν Πολεμικὴν Ἀεροπορίαν οἱ στρατεύσιμοι τῆς κλάσεως 1970 οἱ ὁποῖοι ἔχουν ὑποβάλει αἰτήσεις. Ἡ κατάταξις θὰ γίνῃ εἰς τὰ κέντρα ἐκπαιδεύσεως.
ΤΟ «ΓΕΩΡΓΙΟΣ Β» ΠΡΟΣΗΡΑΞΕ ΠΑΡΑ ΤΗΝ ΣΤΥΛΙΔΑ
ΑΘΗΝΑΙ, 26. — Τὸ ὑπουργεῖον Ἐθνικῆς Ἀμύνης ἀνακοινοῖ ὅτι καλοῦνται πρὸς κατάταξιν εἰς τὴν Πολεμικὴν Ἀεροπορίαν οἱ στρατεύσιμοι τῆς κλάσεως 1970 οἱ ὁποῖοι ἔχουν ὑποβάλει αἰτήσεις. Ἡ κατάταξις θὰ γίνῃ εἰς τὰ κέντρα ἐκπαιδεύσεως.
ΠΑΝΕΛΛΗΝΙΟΝ ΣΥΝΕΔΡΙΟΝ ΤΗΣ ΟΜΟΣΠΟΝΔΙΑΣ ΚΑΟΥΤΣΟΥΚΟΦΥΛΟΥΝΤΩΝ
ΑΘΗΝΑΙ, 26. — Τὸ ὑπουργεῖον Ἐθνικῆς Ἀμύνης ἀνακοινοῖ ὅτι καλοῦνται πρὸς κατάταξιν εἰς τὴν Πολεμικὴν Ἀεροπορίαν οἱ στρατεύσιμοι τῆς κλάσεως 1970 οἱ ὁποῖοι ἔχουν ὑποβάλει αἰτήσεις. Ἡ κατάταξις θὰ γίνῃ εἰς τὰ κέντρα ἐκπαιδεύσεως.
ΑΝΑΚΟΙΝΩΘΕΝ ΤΟΥ ΟΙΚΟΥ ΤΟΥ ΑΝΤΙΒΑΣΙΛΕΩΣ
ΑΘΗΝΑΙ, 26. — Τὸ ὑπουργεῖον Ἐθνικῆς Ἀμύνης ἀνακοινοῖ ὅτι καλοῦνται πρὸς κατάταξιν εἰς τὴν Πολεμικὴν Ἀεροπορίαν οἱ στρατεύσιμοι τῆς κλάσεως 1970 οἱ ὁποῖοι ἔχουν ὑποβάλει αἰτήσεις. Ἡ κατάταξις θὰ γίνῃ εἰς τὰ κέντρα ἐκπαιδεύσεως.
ΣΕΙΣΜΙΚΗ ΔΟΝΗΣΙΣ ΕΙΣ ΤΟ ΑΓΡΙΝΙΟΝ
ΑΘΗΝΑΙ, 26. — Τὸ ὑπουργεῖον Ἐθνικῆς Ἀμύνης ἀνακοινοῖ ὅτι καλοῦνται πρὸς κατάταξιν εἰς τὴν Πολεμικὴν Ἀεροπορίαν οἱ στρατεύσιμοι τῆς κλάσεως 1970 οἱ ὁποῖοι ἔχουν ὑποβάλει αἰτήσεις. Ἡ κατάταξις θὰ γίνῃ εἰς τὰ κέντρα ἐκπαιδεύσεως.
ΚΗΔΕΙΑΙ
ΑΘΗΝΑΙ, 26. — Τὸ ὑπουργεῖον Ἐθνικῆς Ἀμύνης ἀνακοινοῖ ὅτι καλοῦνται πρὸς κατάταξιν εἰς τὴν Πολεμικὴν Ἀεροπορίαν οἱ στρατεύσιμοι τῆς κλάσεως 1970 οἱ ὁποῖοι ἔχουν ὑποβάλει αἰτήσεις. Ἡ κατάταξις θὰ γίνῃ εἰς τὰ κέντρα ἐκπαιδεύσεως.
ΑΙ 12 ΝΕΟΚΑΤΑΣΚΕΥΑΣΘΕΙΣΑΙ ΣΙΤΑΠΟΘΗΚΑΙ ΑΠΟΚΤΟΥΝ ΜΗΧΑΝΙΚΟΝ ΕΞΟΠΛΙΣΜΟΝ ΧΑΡΙΣ ΕΙΣ ΤΗΝ ΧΡΗΜΑΤΟΔΟΤΗΣΙΝ ΤΗΣ ΚΥΔΕΠ
ΑΘΗΝΑΙ, 26. — Ἡ Ἐπιτροπὴ συντονισμοῦ ἐνέκρινε τὴν χρηματοδότησιν τῆς ΚΥΔΕΠ διὰ τὸν μηχανικὸν ἐξοπλισμὸν τῶν 12 νεοκατασκευασθεισῶν σιταποθηκῶν, αἱ ὁποῖαι θὰ χρησιμοποιηθοῦν διὰ τὴν ἀποθήκευσιν τῆς νέας σοδειᾶς σίτου.
ΑΘΗΝΑΙ, 26. — Ἡ Ἐπιτροπὴ συντονισμοῦ ἐνέκρινε τὴν χρηματοδότησιν τῆς ΚΥΔΕΠ διὰ τὸν μηχανικὸν ἐξοπλισμὸν τῶν 12 νεοκατασκευασθεισῶν σιταποθηκῶν, αἱ ὁποῖαι θὰ χρησιμοποιηθοῦν διὰ τὴν ἀποθήκευσιν τῆς νέας σοδειᾶς σίτου.
ΑΘΗΝΑΙ, 26. — Ἡ Ἐπιτροπὴ συντονισμοῦ ἐνέκρινε τὴν χρηματοδότησιν τῆς ΚΥΔΕΠ διὰ τὸν μηχανικὸν ἐξοπλισμὸν τῶν 12 νεοκατασκευασθεισῶν σιταποθηκῶν, αἱ ὁποῖαι θὰ χρησιμοποιηθοῦν διὰ τὴν ἀποθήκευσιν τῆς νέας σοδειᾶς σίτου.
ΤΟ ΔΗΜΟΣΙΟΝ ΘΕΑΜΑΤΩΝ ΤΩΝ ΚΙΝΗΜΑΤΟΓΡΑΦΩΝ ΔΙΑΡΡΥΘΜΙΖΕΤΑΙ ΔΙΑ ΔΙΑΤΑΓΜΑΤΟΣ ΕΙΣ ΝΕΑ ΠΟΣΟΣΤΑ
ΑΘΗΝΑΙ, 26. — Ἐδημοσιεύθη εἰς τὴν Ἐφημερίδα τῆς Κυβερνήσεως τὸ διάταγμα διὰ τοῦ ὁποίου διαρρυθμίζεται τὸ δημόσιον θεαμάτων τῶν κινηματογράφων εἰς νέα ποσοστά ἐπὶ τῆς τιμῆς τῶν εἰσιτηρίων. Τὰ ποσοστὰ ὁρίζονται ὡς ἑξῆς: διὰ τιμὴν εἰσιτηρίου μέχρι δραχμῶν 10, ποσοστὸν 8%· διὰ τιμὴν ἀπὸ 10 μέχρι 20 δραχμάς, ποσοστὸν 12%.
ΑΡΘΡΟΝ 1ον
ΑΘΗΝΑΙ, 26. — Ἐδημοσιεύθη εἰς τὴν Ἐφημερίδα τῆς Κυβερνήσεως τὸ διάταγμα διὰ τοῦ ὁποίου διαρρυθμίζεται τὸ δημόσιον θεαμάτων τῶν κινηματογράφων εἰς νέα ποσοστά ἐπὶ τῆς τιμῆς τῶν εἰσιτηρίων. Τὰ ποσοστὰ ὁρίζονται ὡς ἑξῆς: διὰ τιμὴν εἰσιτηρίου μέχρι δραχμῶν 10, ποσοστὸν 8%· διὰ τιμὴν ἀπὸ 10 μέχρι 20 δραχμάς, ποσοστὸν 12%.
ΑΡΘΡΟΝ 2ον
ΑΘΗΝΑΙ, 26. — Ἐδημοσιεύθη εἰς τὴν Ἐφημερίδα τῆς Κυβερνήσεως τὸ διάταγμα διὰ τοῦ ὁποίου διαρρυθμίζεται τὸ δημόσιον θεαμάτων τῶν κινηματογράφων εἰς νέα ποσοστά ἐπὶ τῆς τιμῆς τῶν εἰσιτηρίων. Τὰ ποσοστὰ ὁρίζονται ὡς ἑξῆς: διὰ τιμὴν εἰσιτηρίου μέχρι δραχμῶν 10, ποσοστὸν 8%· διὰ τιμὴν ἀπὸ 10 μέχρι 20 δραχμάς, ποσοστὸν 12%.
ΑΡΘΡΟΝ 3ον
ΑΘΗΝΑΙ, 26. — Ἐδημοσιεύθη εἰς τὴν Ἐφημερίδα τῆς Κυβερνήσεως τὸ διάταγμα διὰ τοῦ ὁποίου διαρρυθμίζεται τὸ δημόσιον θεαμάτων τῶν κινηματογράφων εἰς νέα ποσοστά ἐπὶ τῆς τιμῆς τῶν εἰσιτηρίων. Τὰ ποσοστὰ ὁρίζονται ὡς ἑξῆς: διὰ τιμὴν εἰσιτηρίου μέχρι δραχμῶν 10, ποσοστὸν 8%· διὰ τιμὴν ἀπὸ 10 μέχρι 20 δραχμάς, ποσοστὸν 12%.
ΟΥΔΕΝ ΕΓΝΩΣΘΗ ΠΕΡΙ ΣΥΓΚΕΝΤΡΩΣΕΩΝ ΙΡΑΚΙΝΩΝ ΚΑΤΑ ΜΗΚΟΣ ΤΩΝ ΣΥΝΟΡΩΝ ΠΡΟΣ ΤΗΝ ΠΕΡΣΙΑΝ
ΤΕΧΕΡΑΝΗ, 26. (Ἀσσ. Πρές). — Ἁρμόδιοι κύκλοι ἀνέφερον ὅτι οὐδὲν ἐγνώσθη περὶ συγκεντρώσεων ἰρακινῶν στρατευμάτων κατὰ μῆκος τῶν συνόρων πρὸς τὴν Περσίαν.
ΤΕΧΕΡΑΝΗ, 26. (Ἀσσ. Πρές). — Ἁρμόδιοι κύκλοι ἀνέφερον ὅτι οὐδὲν ἐγνώσθη περὶ συγκεντρώσεων ἰρακινῶν στρατευμάτων κατὰ μῆκος τῶν συνόρων πρὸς τὴν Περσίαν.
ΟΙ ΚΕΡΔΙΖΟΝΤΕΣ ΑΡΙΘΜΟΙ ΤΟΥ ΛΑΪ-ΚΟΥ ΛΑΧΕΙΟΥ
76953  4177  42  1287
8473  31  28  1327  47
15382  45  93  3382  8
30316  22  93  4732  9
55225  31  31  4582  2
3652  9  6  51  28 1
72  21  31  0  3 5 1
2056  34  3  27  1 3
42  3  8 3  6  5 3  1
59373  21  6 3  73 3
3
76953  4177  42  1287
8473  31  28  1327  47
15382  45  93  3382  8
30316  22  93  4732  9
55225  31  31  4582  2
3652  9  6  51  28 1
72  21  31  0  3 5 1
2056  34  3  27  1 3
42  3  8 3  6  5 3  1
59373  21  6 3  73 3
3
ΠΙΣΤΩΣΕΙΣ ΥΨΟΥΣ 732.000.000 ΔΡΑΧΜΩΝ ΘΑ ΔΙΑΤΕΘΟΥΝ ΕΝΤΟΣ ΤΟΥ 1970 ΔΙΑ ΤΗΝ ΑΝΕΓΕΡΣΙΝ ΣΧΟΛΙΚΩΝ ΚΤΙΡΙΩΝ
ΑΘΗΝΑΙ, 26. — Εἰς τὸ πρόγραμμα δημοσίων ἐπενδύσεων τοῦ 1970 προβλέπονται πιστώσεις ὕψους 732.000.000 δραχμῶν διὰ τὴν ἀνέγερσιν σχολικῶν κτιρίων εἰς ὅλην τὴν χώραν. Αἱ πιστώσεις κατανέμονται κατὰ νομοὺς ὡς ἑξῆς: Νομὸς Ἀττικῆς 116.000.000 δρχ., Νομὸς Θεσσαλονίκης 62.000.000 δρχ., Νομὸς Ἀχαΐας 18.000.000 δρχ.
ΑΘΗΝΑΙ, 26. — Εἰς τὸ πρόγραμμα δημοσίων ἐπενδύσεων τοῦ 1970 προβλέπονται πιστώσεις ὕψους 732.000.000 δραχμῶν διὰ τὴν ἀνέγερσιν σχολικῶν κτιρίων εἰς ὅλην τὴν χώραν. Αἱ πιστώσεις κατανέμονται κατὰ νομοὺς ὡς ἑξῆς: Νομὸς Ἀττικῆς 116.000.000 δρχ., Νομὸς Θεσσαλονίκης 62.000.000 δρχ., Νομὸς Ἀχαΐας 18.000.000 δρχ.
ΧΙΟΝΕΣ ΕΚΑΛΥΨΑΝ ΚΑΙ ΠΑΛΙΝ ΤΗΝ ΦΛΩΡΙΝΑΝ
ΕΙΣ ΠΕΡΑΙΤΕΡΩ ΑΝΟΔΟΝ Η ΘΕΡΜΟΚΡΑΣΙΑ
Κατὰ τὴν χθεσινὴν ἡμέραν ἡ θερμοκρασία ἐσημείωσε περαιτέρω ἄνοδον εἰς ὅλην τὴν χώραν. Εἰς τὴν Φλώριναν ὅμως ἐσημειώθη χιονόπτωσις, ἡ ὁποία ἐκάλυψε καὶ πάλιν τὴν πόλιν καὶ τὰ πέριξ χωρία.
ΧΙΩΝ ΕΙΣ ΦΛΩΡΙΝΑΝ
Κατὰ τὴν χθεσινὴν ἡμέραν ἡ θερμοκρασία ἐσημείωσε περαιτέρω ἄνοδον εἰς ὅλην τὴν χώραν. Εἰς τὴν Φλώριναν ὅμως ἐσημειώθη χιονόπτωσις, ἡ ὁποία ἐκάλυψε καὶ πάλιν τὴν πόλιν καὶ τὰ πέριξ χωρία.
ΔΥΣΧΕΡΕΙΑΙ ΕΙΣ ΟΔΟΥΣ
Κατὰ τὴν χθεσινὴν ἡμέραν ἡ θερμοκρασία ἐσημείωσε περαιτέρω ἄνοδον εἰς ὅλην τὴν χώραν. Εἰς τὴν Φλώριναν ὅμως ἐσημειώθη χιονόπτωσις, ἡ ὁποία ἐκάλυψε καὶ πάλιν τὴν πόλιν καὶ τὰ πέριξ χωρία.
Σοβαραὶ πρόοδοι τῆς ΕΟΚ διὰ τὴν δημιουργίαν ἑνὸς κοινοῦ νομίσματος
ΣΧΗΜΑΤΙΖΕΤΑΙ ΑΠΟΘΕΜΑΤΙΚΟΝ ΕΙΣ ΤΑΣ ΚΕΝΤΡΙΚΑΣ ΤΡΑΠΕΖΑΣ
ΒΡΥΞΕΛΛΑΙ, 26. (Ἀσσ. Πρές). — Οἱ ὑπουργοὶ Οἰκονομικῶν τῶν χωρῶν τῆς Εὐρωπαϊκῆς Οἰκονομικῆς Κοινότητος ἐσημείωσαν σοβαρὰς προόδους διὰ τὴν δημιουργίαν ἑνὸς κοινοῦ νομίσματος. Συνεφωνήθη ὁ σχηματισμὸς ἀποθεματικοῦ εἰς τὰς κεντρικὰς τραπέζας τῶν κρατῶν-μελῶν, τὸ ὁποῖον θὰ χρησιμοποιηθῇ διὰ τὴν ἀντιμετώπισιν νομισματικῶν κρίσεων.
ΒΡΥΞΕΛΛΑΙ, 26. (Ἀσσ. Πρές). — Οἱ ὑπουργοὶ Οἰκονομικῶν τῶν χωρῶν τῆς Εὐρωπαϊκῆς Οἰκονομικῆς Κοινότητος ἐσημείωσαν σοβαρὰς προόδους διὰ τὴν δημιουργίαν ἑνὸς κοινοῦ νομίσματος. Συνεφωνήθη ὁ σχηματισμὸς ἀποθεματικοῦ εἰς τὰς κεντρικὰς τραπέζας τῶν κρατῶν-μελῶν, τὸ ὁποῖον θὰ χρησιμοποιηθῇ διὰ τὴν ἀντιμετώπισιν νομισματικῶν κρίσεων.
